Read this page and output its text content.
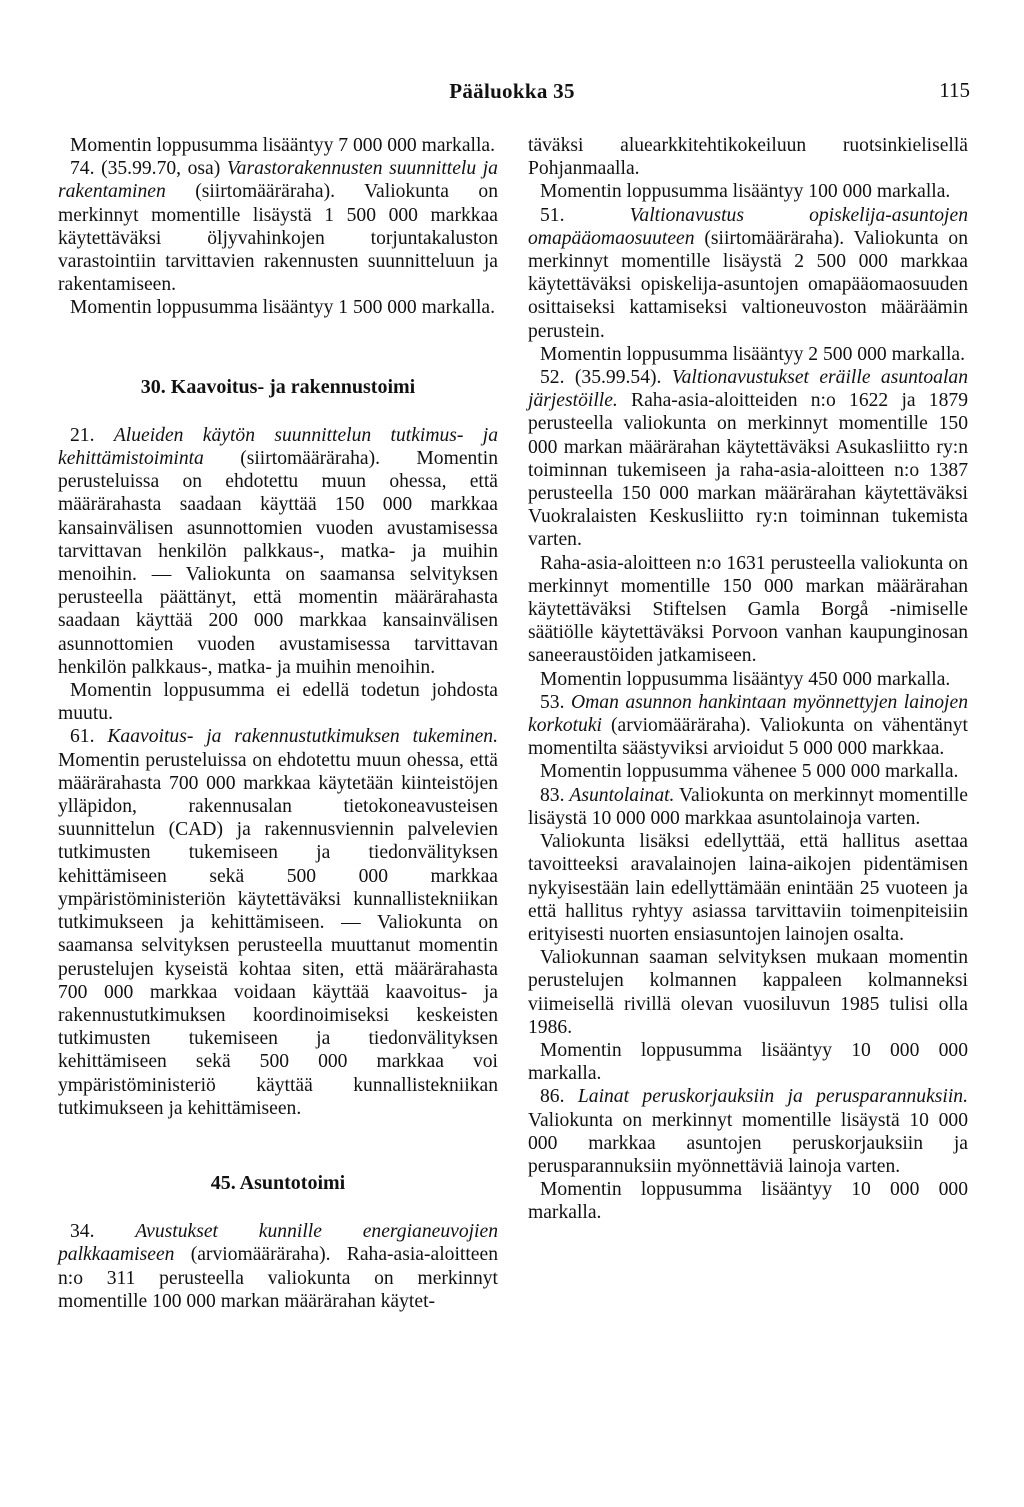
Pääluokka 35	115

Momentin loppusumma lisääntyy 7 000 000 markalla.

74. (35.99.70, osa) Varastorakennusten suunnittelu ja rakentaminen (siirtomääräraha). Valiokunta on merkinnyt momentille lisäystä 1 500 000 markkaa käytettäväksi öljyvahinkojen torjuntakaluston varastointiin tarvittavien rakennusten suunnitteluun ja rakentamiseen.

Momentin loppusumma lisääntyy 1 500 000 markalla.

30. Kaavoitus- ja rakennustoimi

21. Alueiden käytön suunnittelun tutkimus- ja kehittämistoiminta (siirtomääräraha). Momentin perusteluissa on ehdotettu muun ohessa, että määrärahasta saadaan käyttää 150 000 markkaa kansainvälisen asunnottomien vuoden avustamisessa tarvittavan henkilön palkkaus-, matka- ja muihin menoihin. — Valiokunta on saamansa selvityksen perusteella päättänyt, että momentin määrärahasta saadaan käyttää 200 000 markkaa kansainvälisen asunnottomien vuoden avustamisessa tarvittavan henkilön palkkaus-, matka- ja muihin menoihin.

Momentin loppusumma ei edellä todetun johdosta muutu.

61. Kaavoitus- ja rakennustutkimuksen tukeminen. Momentin perusteluissa on ehdotettu muun ohessa, että määrärahasta 700 000 markkaa käytetään kiinteistöjen ylläpidon, rakennusalan tietokoneavusteisen suunnittelun (CAD) ja rakennusviennin palvelevien tutkimusten tukemiseen ja tiedonvälityksen kehittämiseen sekä 500 000 markkaa ympäristöministeriön käytettäväksi kunnallistekniikan tutkimukseen ja kehittämiseen. — Valiokunta on saamansa selvityksen perusteella muuttanut momentin perustelujen kyseistä kohtaa siten, että määrärahasta 700 000 markkaa voidaan käyttää kaavoitus- ja rakennustutkimuksen koordinoimiseksi keskeisten tutkimusten tukemiseen ja tiedonvälityksen kehittämiseen sekä 500 000 markkaa voi ympäristöministeriö käyttää kunnallistekniikan tutkimukseen ja kehittämiseen.

45. Asuntotoimi

34. Avustukset kunnille energianeuvojien palkkaamiseen (arviomääräraha). Raha-asia-aloitteen n:o 311 perusteella valiokunta on merkinnyt momentille 100 000 markan määrärahan käytet-

täväksi aluearkkitehtikokeiluun ruotsinkielisellä Pohjanmaalla.

Momentin loppusumma lisääntyy 100 000 markalla.

51. Valtionavustus opiskelija-asuntojen omapääomaosuuteen (siirtomääräraha). Valiokunta on merkinnyt momentille lisäystä 2 500 000 markkaa käytettäväksi opiskelija-asuntojen omapääomaosuuden osittaiseksi kattamiseksi valtioneuvoston määräämin perustein.

Momentin loppusumma lisääntyy 2 500 000 markalla.

52. (35.99.54). Valtionavustukset eräille asuntoalan järjestöille. Raha-asia-aloitteiden n:o 1622 ja 1879 perusteella valiokunta on merkinnyt momentille 150 000 markan määrärahan käytettäväksi Asukasliitto ry:n toiminnan tukemiseen ja raha-asia-aloitteen n:o 1387 perusteella 150 000 markan määrärahan käytettäväksi Vuokralaisten Keskusliitto ry:n toiminnan tukemista varten.

Raha-asia-aloitteen n:o 1631 perusteella valiokunta on merkinnyt momentille 150 000 markan määrärahan käytettäväksi Stiftelsen Gamla Borgå -nimiselle säätiölle käytettäväksi Porvoon vanhan kaupunginosan saneeraustöiden jatkamiseen.

Momentin loppusumma lisääntyy 450 000 markalla.

53. Oman asunnon hankintaan myönnettyjen lainojen korkotuki (arviomääräraha). Valiokunta on vähentänyt momentilta säästyviksi arvioidut 5 000 000 markkaa.

Momentin loppusumma vähenee 5 000 000 markalla.

83. Asuntolainat. Valiokunta on merkinnyt momentille lisäystä 10 000 000 markkaa asuntolainoja varten.

Valiokunta lisäksi edellyttää, että hallitus asettaa tavoitteeksi aravalainojen laina-aikojen pidentämisen nykyisestään lain edellyttämään enintään 25 vuoteen ja että hallitus ryhtyy asiassa tarvittaviin toimenpiteisiin erityisesti nuorten ensiasuntojen lainojen osalta.

Valiokunnan saaman selvityksen mukaan momentin perustelujen kolmannen kappaleen kolmanneksi viimeisellä rivillä olevan vuosiluvun 1985 tulisi olla 1986.

Momentin loppusumma lisääntyy 10 000 000 markalla.

86. Lainat peruskorjauksiin ja perusparannuksiin. Valiokunta on merkinnyt momentille lisäystä 10 000 000 markkaa asuntojen peruskorjauksiin ja perusparannuksiin myönnettäviä lainoja varten.

Momentin loppusumma lisääntyy 10 000 000 markalla.
